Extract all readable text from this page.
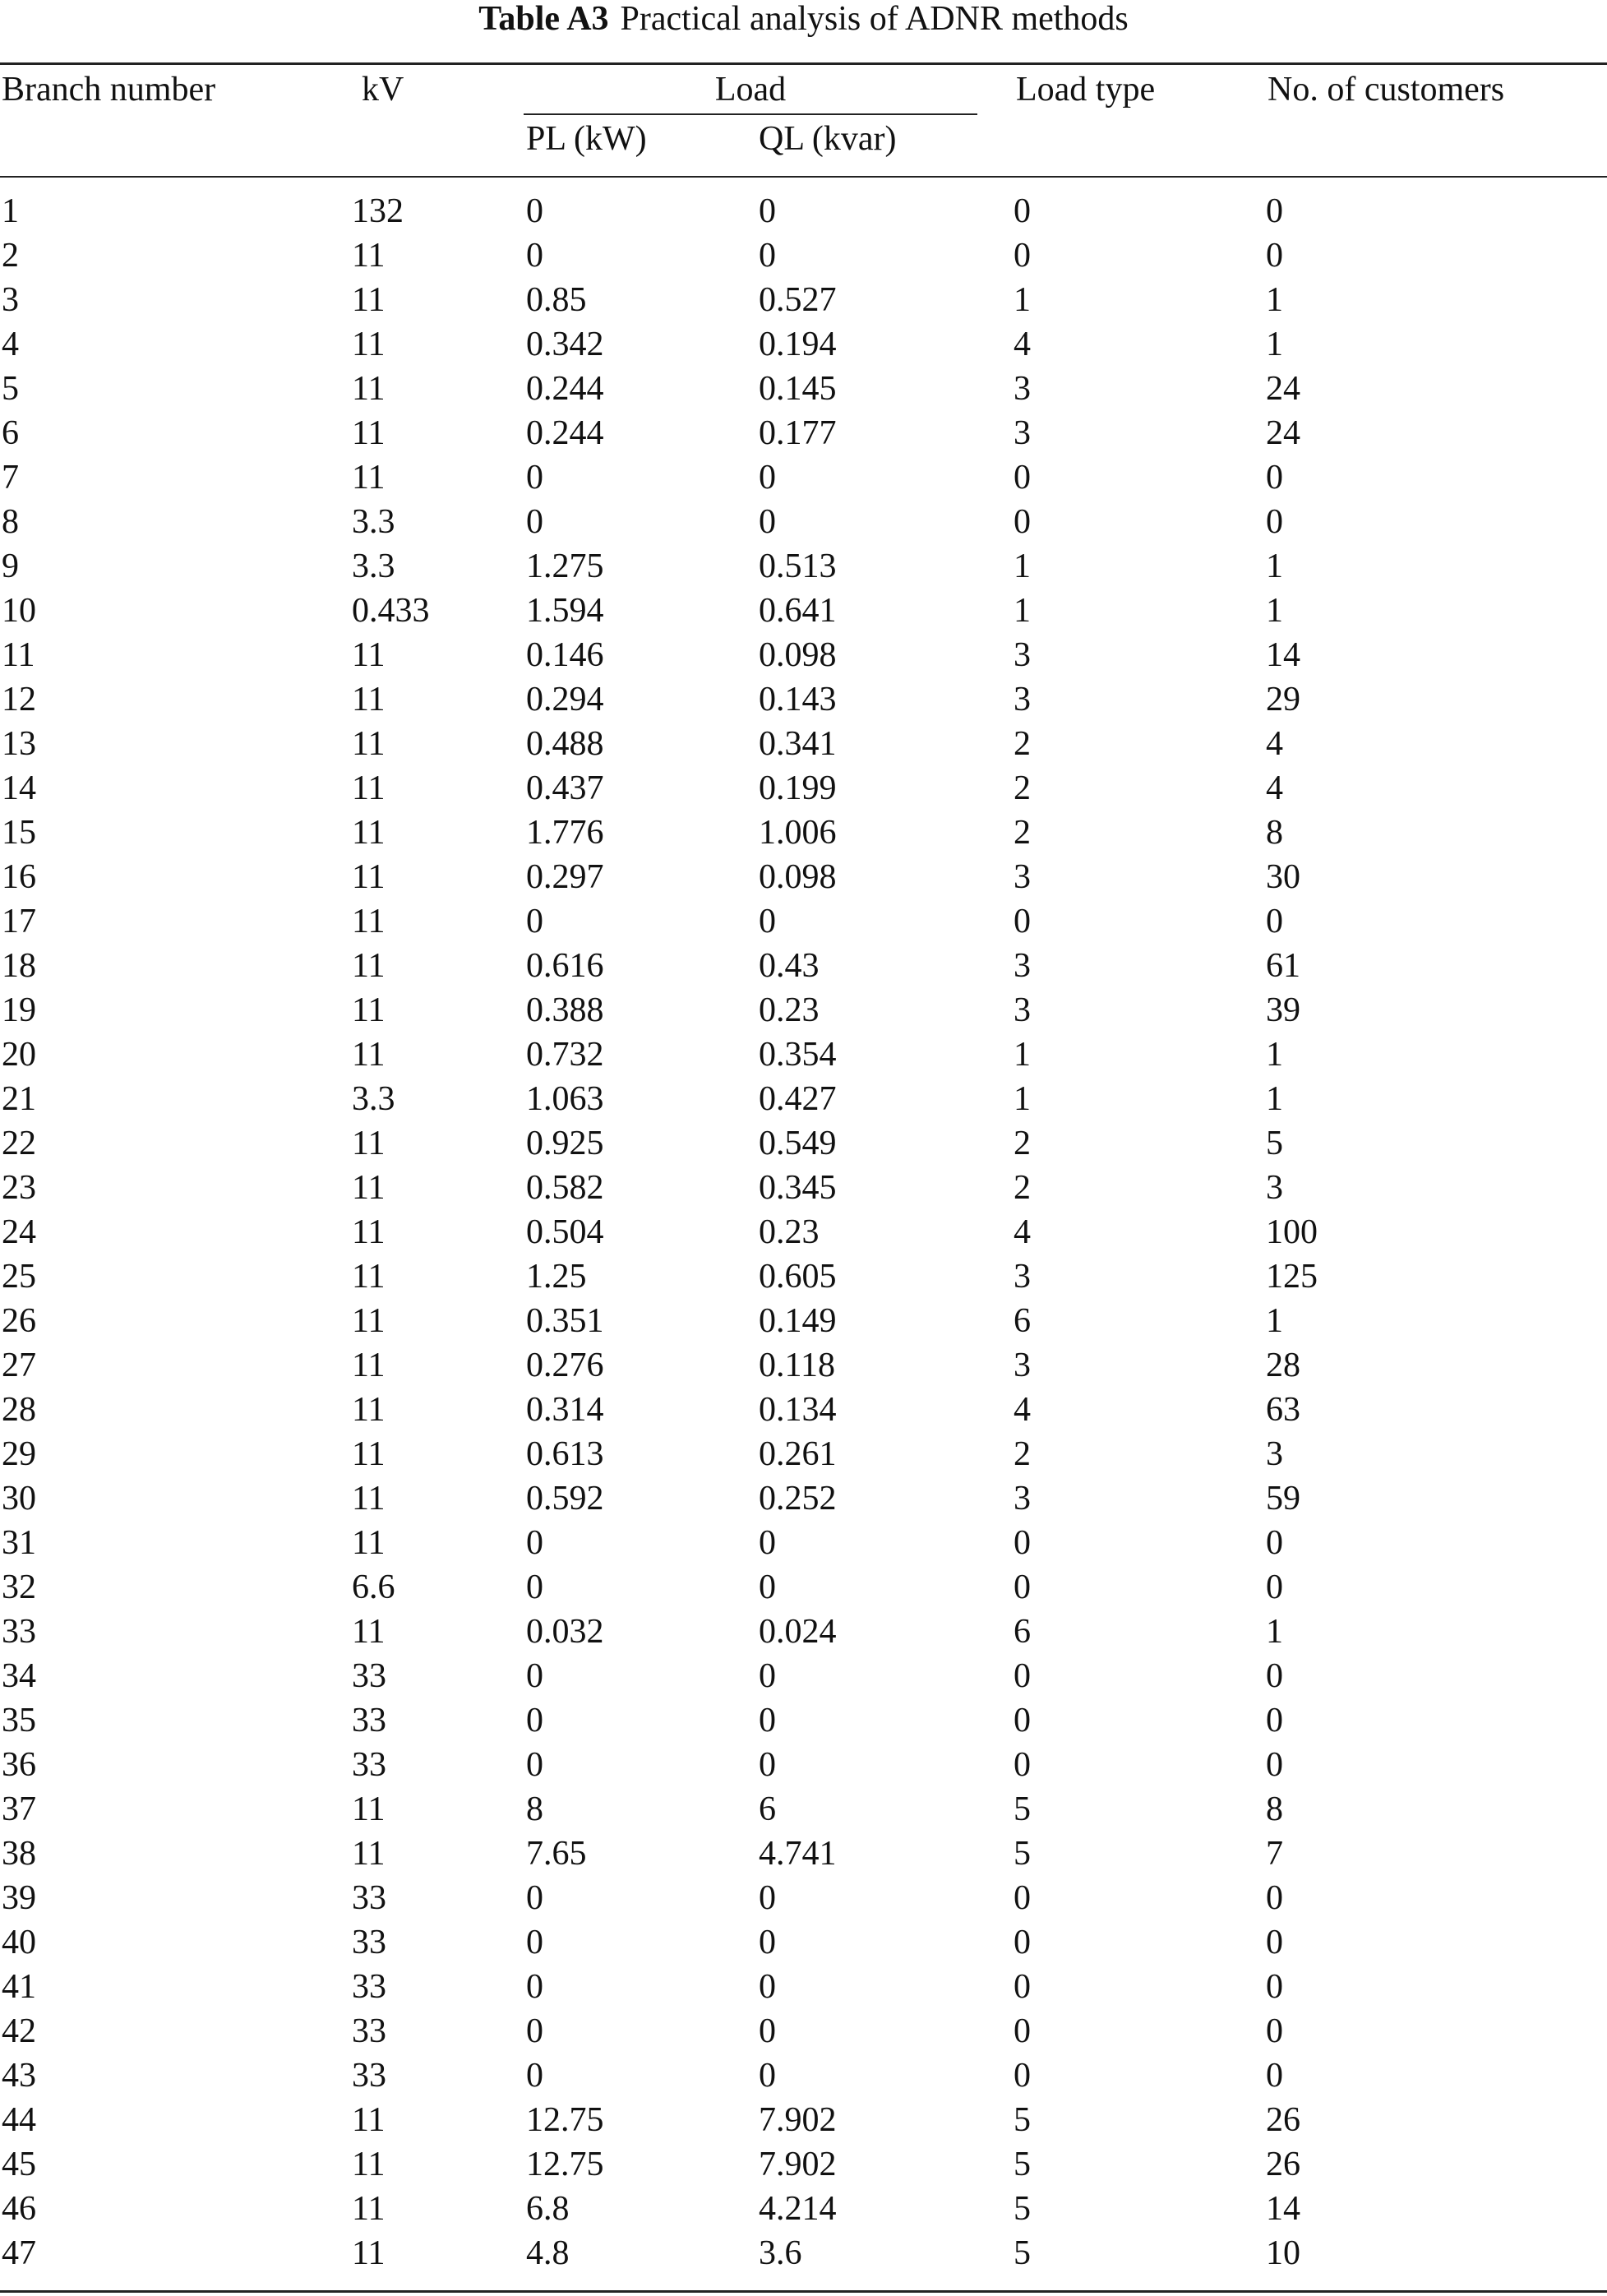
Table A3 Practical analysis of ADNR methods
Branch number	kV	Load
PL (kW)	QL (kvar)
Load type	No. of customers
1	132	0	0	0	0
2	11	0	0	0	0
3	11	0.85	0.527	1	1
4	11	0.342	0.194	4	1
5	11	0.244	0.145	3	24
6	11	0.244	0.177	3	24
7	11	0	0	0	0
8	3.3	0	0	0	0
9	3.3	1.275	0.513	1	1
10	0.433	1.594	0.641	1	1
11	11	0.146	0.098	3	14
12	11	0.294	0.143	3	29
13	11	0.488	0.341	2	4
14	11	0.437	0.199	2	4
15	11	1.776	1.006	2	8
16	11	0.297	0.098	3	30
17	11	0	0	0	0
18	11	0.616	0.43	3	61
19	11	0.388	0.23	3	39
20	11	0.732	0.354	1	1
21	3.3	1.063	0.427	1	1
22	11	0.925	0.549	2	5
23	11	0.582	0.345	2	3
24	11	0.504	0.23	4	100
25	11	1.25	0.605	3	125
26	11	0.351	0.149	6	1
27	11	0.276	0.118	3	28
28	11	0.314	0.134	4	63
29	11	0.613	0.261	2	3
30	11	0.592	0.252	3	59
31	11	0	0	0	0
32	6.6	0	0	0	0
33	11	0.032	0.024	6	1
34	33	0	0	0	0
35	33	0	0	0	0
36	33	0	0	0	0
37	11	8	6	5	8
38	11	7.65	4.741	5	7
39	33	0	0	0	0
40	33	0	0	0	0
41	33	0	0	0	0
42	33	0	0	0	0
43	33	0	0	0	0
44	11	12.75	7.902	5	26
45	11	12.75	7.902	5	26
46	11	6.8	4.214	5	14
47	11	4.8	3.6	5	10
